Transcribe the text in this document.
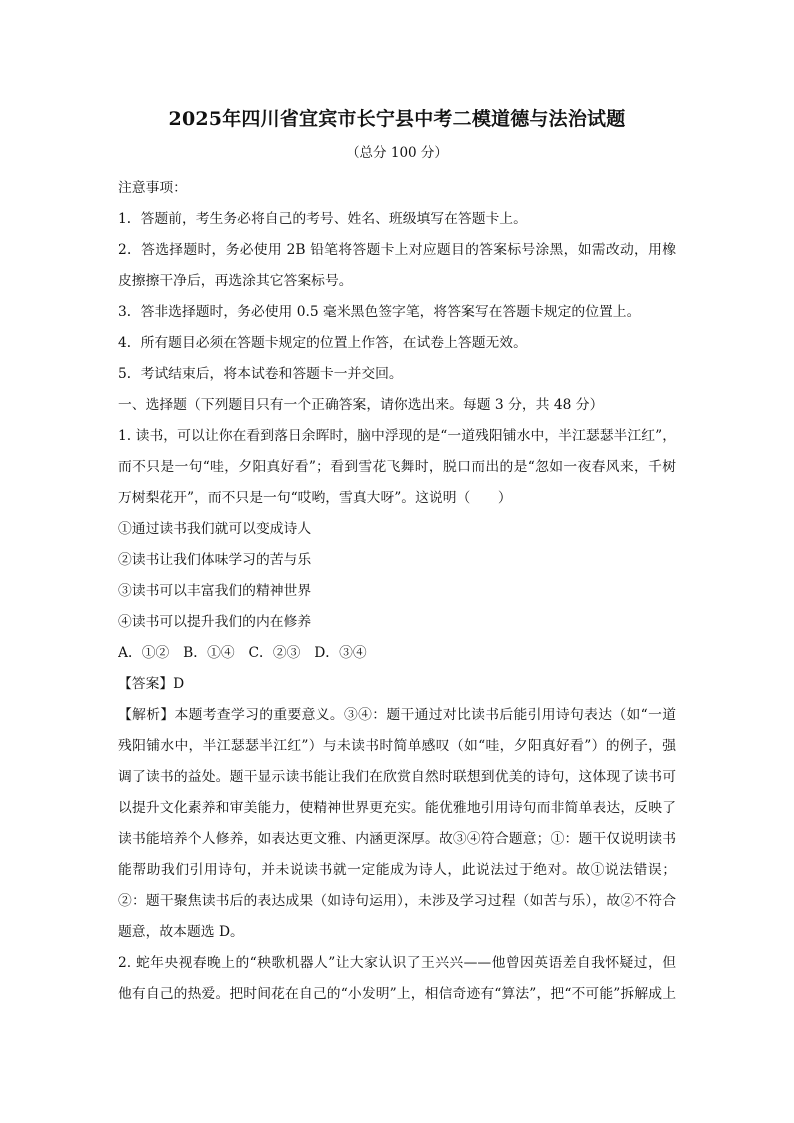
2025年四川省宜宾市长宁县中考二模道德与法治试题
（总分 100 分）
注意事项：
1．答题前，考生务必将自己的考号、姓名、班级填写在答题卡上。
2．答选择题时，务必使用 2B 铅笔将答题卡上对应题目的答案标号涂黑，如需改动，用橡
皮擦擦干净后，再选涂其它答案标号。
3．答非选择题时，务必使用 0.5 毫米黑色签字笔，将答案写在答题卡规定的位置上。
4．所有题目必须在答题卡规定的位置上作答，在试卷上答题无效。
5．考试结束后，将本试卷和答题卡一并交回。
一、选择题（下列题目只有一个正确答案，请你选出来。每题 3 分，共 48 分）
1. 读书，可以让你在看到落日余晖时，脑中浮现的是“一道残阳铺水中，半江瑟瑟半江红”，
而不只是一句“哇，夕阳真好看”；看到雪花飞舞时，脱口而出的是“忽如一夜春风来，千树
万树梨花开”，而不只是一句“哎哟，雪真大呀”。这说明（　　）
①通过读书我们就可以变成诗人
②读书让我们体味学习的苦与乐
③读书可以丰富我们的精神世界
④读书可以提升我们的内在修养
A．①②　B．①④　C．②③　D．③④
【答案】D
【解析】本题考查学习的重要意义。③④：题干通过对比读书后能引用诗句表达（如“一道
残阳铺水中，半江瑟瑟半江红”）与未读书时简单感叹（如“哇，夕阳真好看”）的例子，强
调了读书的益处。题干显示读书能让我们在欣赏自然时联想到优美的诗句，这体现了读书可
以提升文化素养和审美能力，使精神世界更充实。能优雅地引用诗句而非简单表达，反映了
读书能培养个人修养，如表达更文雅、内涵更深厚。故③④符合题意；①：题干仅说明读书
能帮助我们引用诗句，并未说读书就一定能成为诗人，此说法过于绝对。故①说法错误；
②：题干聚焦读书后的表达成果（如诗句运用），未涉及学习过程（如苦与乐），故②不符合
题意，故本题选 D。
2. 蛇年央视春晚上的“秧歌机器人”让大家认识了王兴兴——他曾因英语差自我怀疑过，但
他有自己的热爱。把时间花在自己的“小发明”上，相信奇迹有“算法”，把“不可能”拆解成上
